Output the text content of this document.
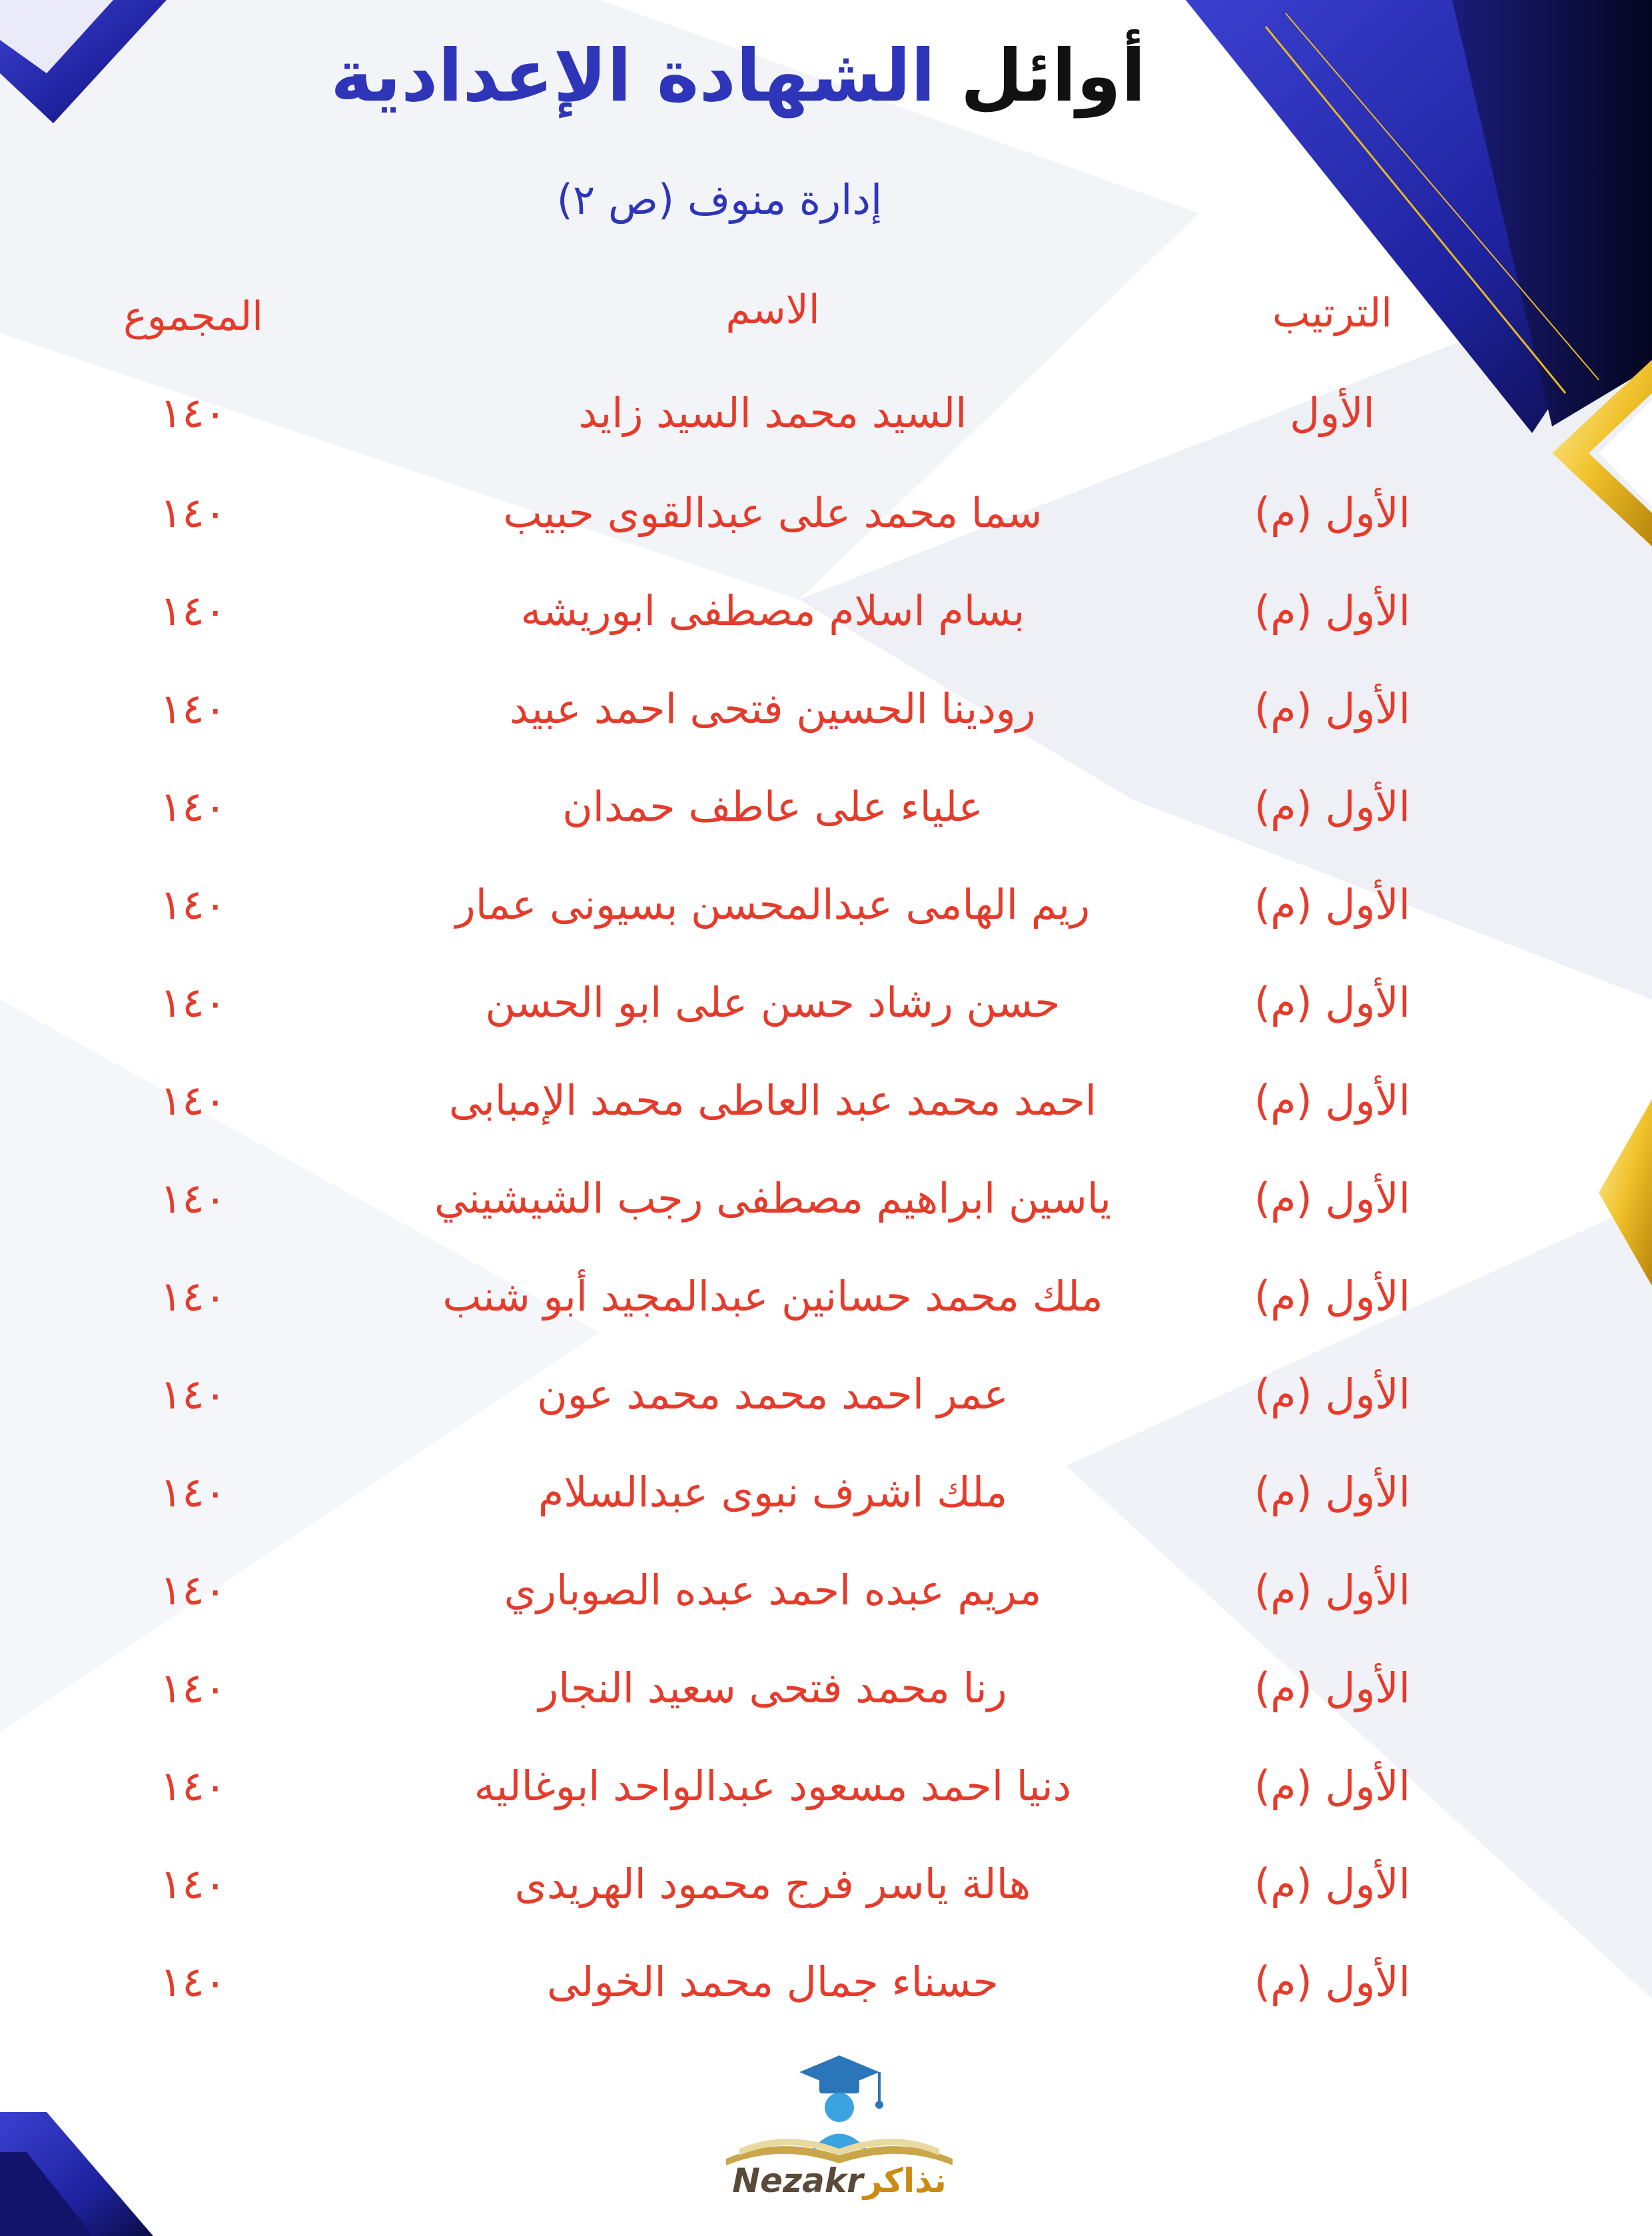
أوائل الشهادة الإعدادية
إدارة منوف (ص ٢)
الترتيب
الاسم
المجموع
الأول
السيد محمد السيد زايد
١٤٠
الأول (م)
سما محمد على عبدالقوى حبيب
١٤٠
الأول (م)
بسام اسلام مصطفى ابوريشه
١٤٠
الأول (م)
رودينا الحسين فتحى احمد عبيد
١٤٠
الأول (م)
علياء على عاطف حمدان
١٤٠
الأول (م)
ريم الهامى عبدالمحسن بسيونى عمار
١٤٠
الأول (م)
حسن رشاد حسن على ابو الحسن
١٤٠
الأول (م)
احمد محمد عبد العاطى محمد الإمبابى
١٤٠
الأول (م)
ياسين ابراهيم مصطفى رجب الشيشيني
١٤٠
الأول (م)
ملك محمد حسانين عبدالمجيد أبو شنب
١٤٠
الأول (م)
عمر احمد محمد محمد عون
١٤٠
الأول (م)
ملك اشرف نبوى عبدالسلام
١٤٠
الأول (م)
مريم عبده احمد عبده الصوباري
١٤٠
الأول (م)
رنا محمد فتحى سعيد النجار
١٤٠
الأول (م)
دنيا احمد مسعود عبدالواحد ابوغاليه
١٤٠
الأول (م)
هالة ياسر فرج محمود الهريدى
١٤٠
الأول (م)
حسناء جمال محمد الخولى
١٤٠
Nezakrنذاكر
